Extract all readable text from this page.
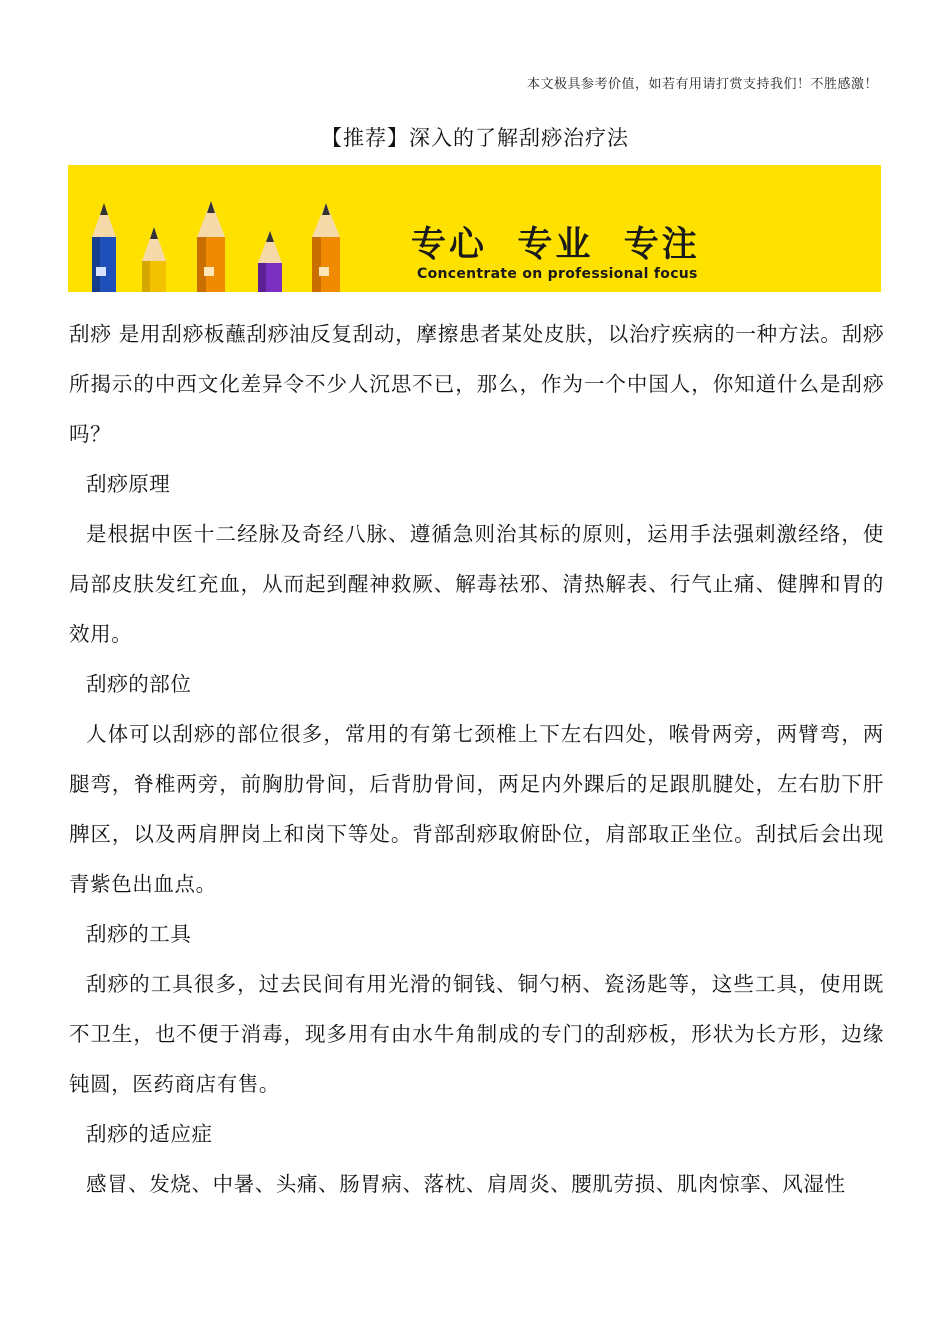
本文极具参考价值，如若有用请打赏支持我们！不胜感激！
【推荐】深入的了解刮痧治疗法
专心  专业  专注
Concentrate on professional focus

刮痧 是用刮痧板蘸刮痧油反复刮动，摩擦患者某处皮肤，以治疗疾病的一种方法。刮痧所揭示的中西文化差异令不少人沉思不已，那么，作为一个中国人，你知道什么是刮痧吗？

刮痧原理

是根据中医十二经脉及奇经八脉、遵循急则治其标的原则，运用手法强刺激经络，使局部皮肤发红充血，从而起到醒神救厥、解毒祛邪、清热解表、行气止痛、健脾和胃的效用。

刮痧的部位

人体可以刮痧的部位很多，常用的有第七颈椎上下左右四处，喉骨两旁，两臂弯，两腿弯，脊椎两旁，前胸肋骨间，后背肋骨间，两足内外踝后的足跟肌腱处，左右肋下肝脾区，以及两肩胛岗上和岗下等处。背部刮痧取俯卧位，肩部取正坐位。刮拭后会出现青紫色出血点。

刮痧的工具

刮痧的工具很多，过去民间有用光滑的铜钱、铜勺柄、瓷汤匙等，这些工具，使用既不卫生，也不便于消毒，现多用有由水牛角制成的专门的刮痧板，形状为长方形，边缘钝圆，医药商店有售。

刮痧的适应症

感冒、发烧、中暑、头痛、肠胃病、落枕、肩周炎、腰肌劳损、肌肉惊挛、风湿性
